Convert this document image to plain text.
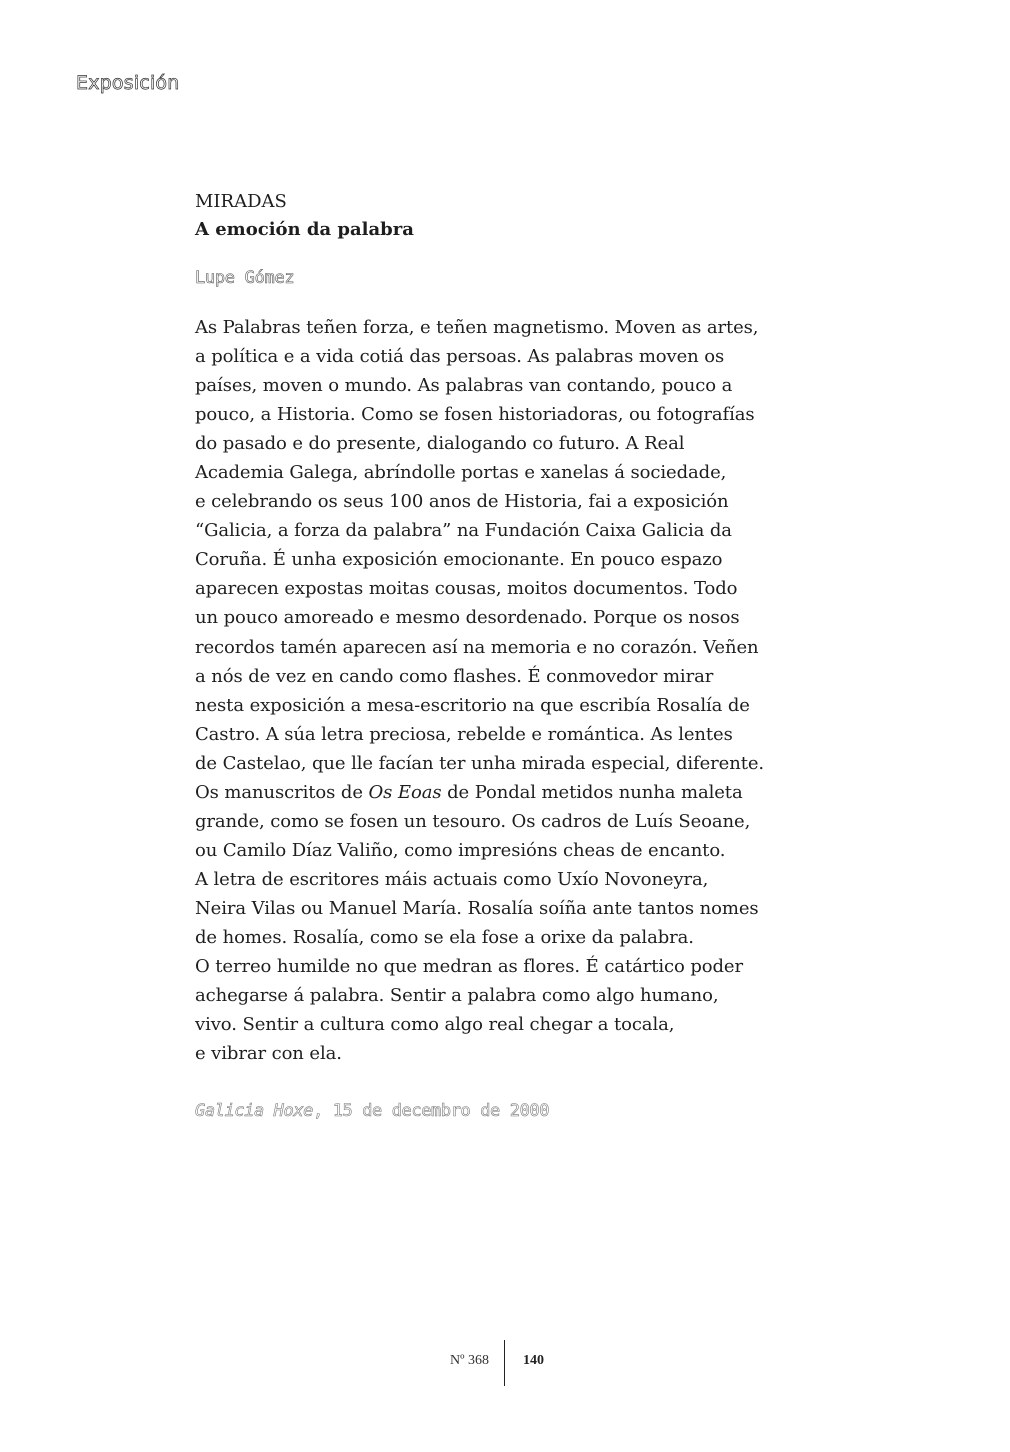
Exposición
MIRADAS
A emoción da palabra
Lupe Gómez
As Palabras teñen forza, e teñen magnetismo. Moven as artes,
a política e a vida cotiá das persoas. As palabras moven os
países, moven o mundo. As palabras van contando, pouco a
pouco, a Historia. Como se fosen historiadoras, ou fotografías
do pasado e do presente, dialogando co futuro. A Real
Academia Galega, abríndolle portas e xanelas á sociedade,
e celebrando os seus 100 anos de Historia, fai a exposición
“Galicia, a forza da palabra” na Fundación Caixa Galicia da
Coruña. É unha exposición emocionante. En pouco espazo
aparecen expostas moitas cousas, moitos documentos. Todo
un pouco amoreado e mesmo desordenado. Porque os nosos
recordos tamén aparecen así na memoria e no corazón. Veñen
a nós de vez en cando como flashes. É conmovedor mirar
nesta exposición a mesa-escritorio na que escribía Rosalía de
Castro. A súa letra preciosa, rebelde e romántica. As lentes
de Castelao, que lle facían ter unha mirada especial, diferente.
Os manuscritos de Os Eoas de Pondal metidos nunha maleta
grande, como se fosen un tesouro. Os cadros de Luís Seoane,
ou Camilo Díaz Valiño, como impresións cheas de encanto.
A letra de escritores máis actuais como Uxío Novoneyra,
Neira Vilas ou Manuel María. Rosalía soíña ante tantos nomes
de homes. Rosalía, como se ela fose a orixe da palabra.
O terreo humilde no que medran as flores. É catártico poder
achegarse á palabra. Sentir a palabra como algo humano,
vivo. Sentir a cultura como algo real chegar a tocala,
e vibrar con ela.
Galicia Hoxe, 15 de decembro de 2000
Nº 368 140
